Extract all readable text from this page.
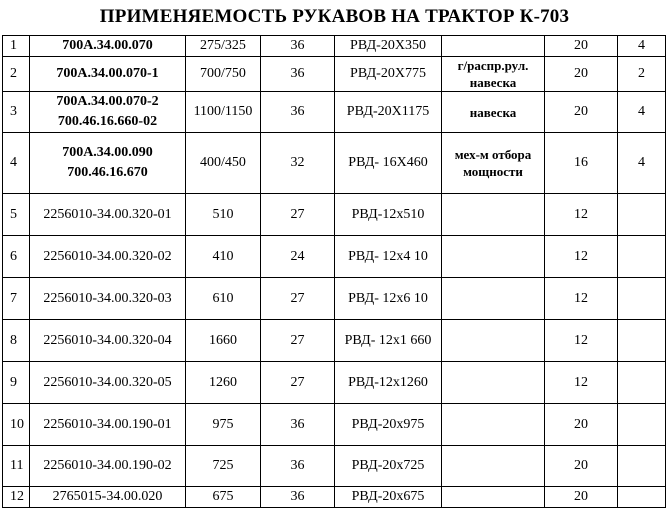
ПРИМЕНЯЕМОСТЬ РУКАВОВ НА ТРАКТОР К-703
1	700А.34.00.070	275/325	36	РВД-20Х350		20	4
2	700А.34.00.070-1	700/750	36	РВД-20Х775	г/распр.рул.
навеска	20	2
3	700А.34.00.070-2
700.46.16.660-02	1100/1150	36	РВД-20Х1175	навеска	20	4
4	700А.34.00.090
700.46.16.670	400/450	32	РВД- 16Х460	мех-м отбора
мощности	16	4
5	2256010-34.00.320-01	510	27	РВД-12х510		12	
6	2256010-34.00.320-02	410	24	РВД- 12х4 10		12	
7	2256010-34.00.320-03	610	27	РВД- 12х6 10		12	
8	2256010-34.00.320-04	1660	27	РВД- 12х1 660		12	
9	2256010-34.00.320-05	1260	27	РВД-12х1260		12	
10	2256010-34.00.190-01	975	36	РВД-20х975		20	
11	2256010-34.00.190-02	725	36	РВД-20х725		20	
12	2765015-34.00.020	675	36	РВД-20х675		20	
